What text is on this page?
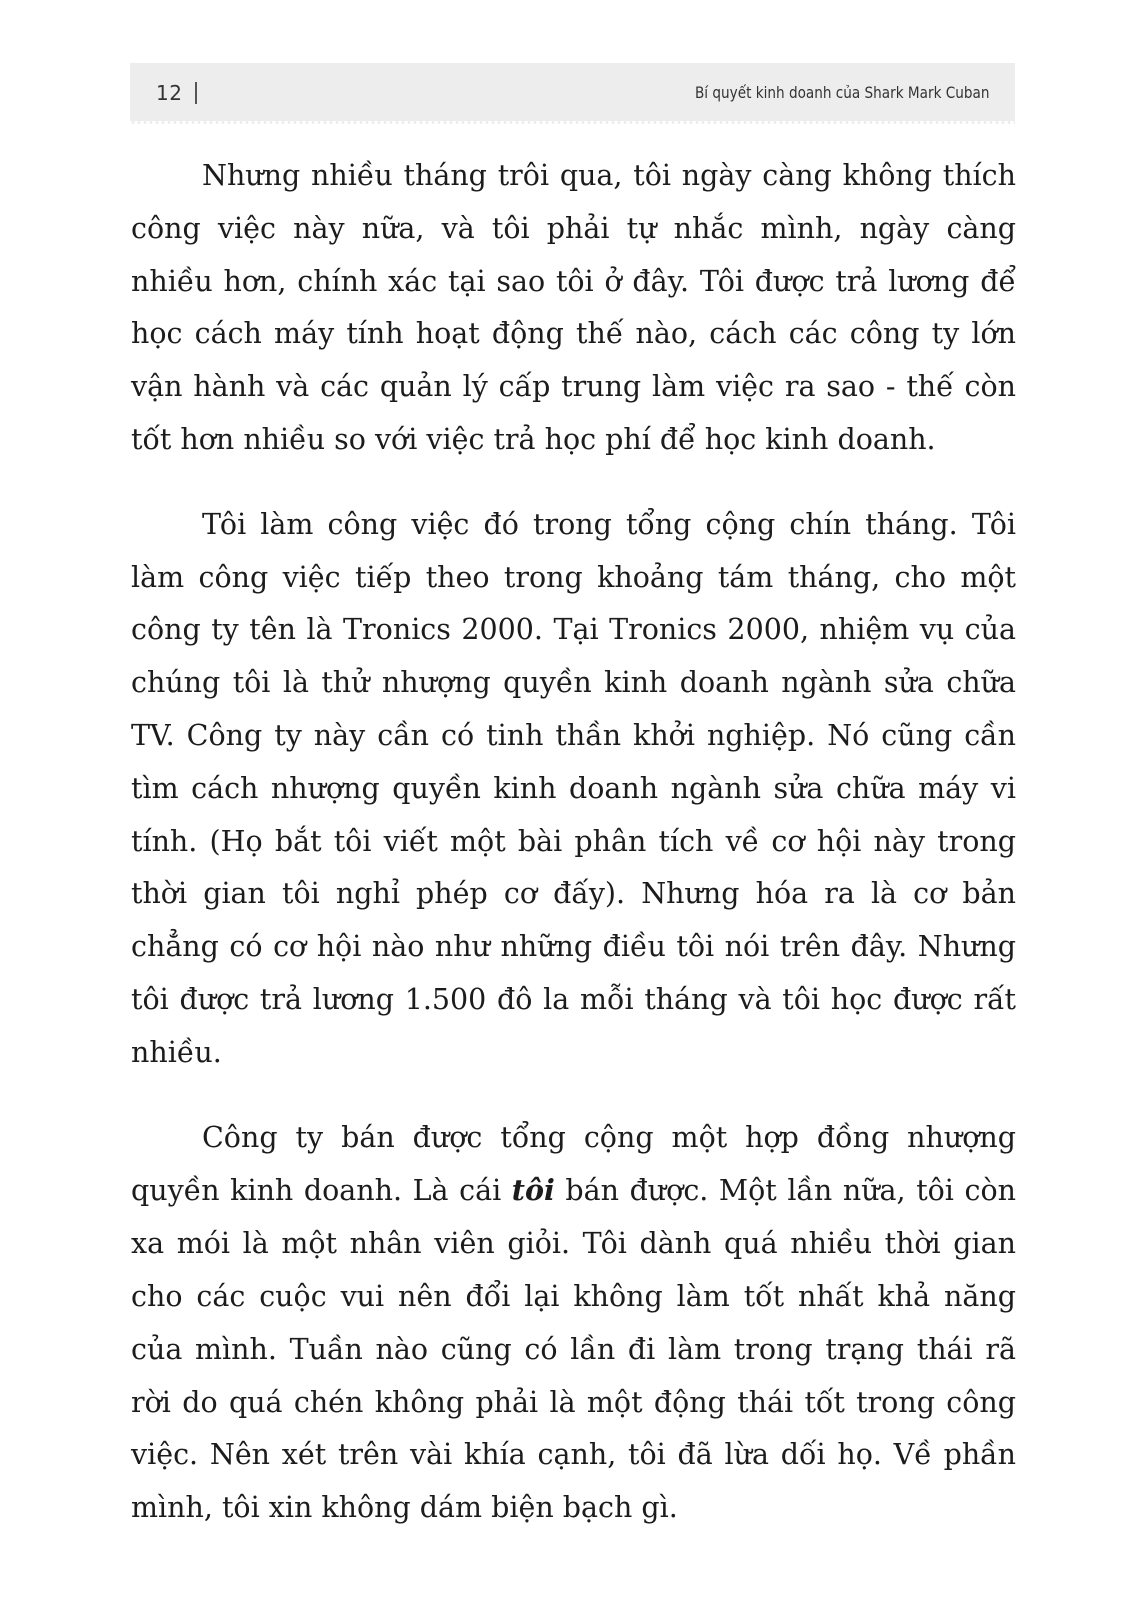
12	Bí quyết kinh doanh của Shark Mark Cuban

Nhưng nhiều tháng trôi qua, tôi ngày càng không thích công việc này nữa, và tôi phải tự nhắc mình, ngày càng nhiều hơn, chính xác tại sao tôi ở đây. Tôi được trả lương để học cách máy tính hoạt động thế nào, cách các công ty lớn vận hành và các quản lý cấp trung làm việc ra sao - thế còn tốt hơn nhiều so với việc trả học phí để học kinh doanh.

Tôi làm công việc đó trong tổng cộng chín tháng. Tôi làm công việc tiếp theo trong khoảng tám tháng, cho một công ty tên là Tronics 2000. Tại Tronics 2000, nhiệm vụ của chúng tôi là thử nhượng quyền kinh doanh ngành sửa chữa TV. Công ty này cần có tinh thần khởi nghiệp. Nó cũng cần tìm cách nhượng quyền kinh doanh ngành sửa chữa máy vi tính. (Họ bắt tôi viết một bài phân tích về cơ hội này trong thời gian tôi nghỉ phép cơ đấy). Nhưng hóa ra là cơ bản chẳng có cơ hội nào như những điều tôi nói trên đây. Nhưng tôi được trả lương 1.500 đô la mỗi tháng và tôi học được rất nhiều.

Công ty bán được tổng cộng một hợp đồng nhượng quyền kinh doanh. Là cái tôi bán được. Một lần nữa, tôi còn xa mói là một nhân viên giỏi. Tôi dành quá nhiều thời gian cho các cuộc vui nên đổi lại không làm tốt nhất khả năng của mình. Tuần nào cũng có lần đi làm trong trạng thái rã rời do quá chén không phải là một động thái tốt trong công việc. Nên xét trên vài khía cạnh, tôi đã lừa dối họ. Về phần mình, tôi xin không dám biện bạch gì.
